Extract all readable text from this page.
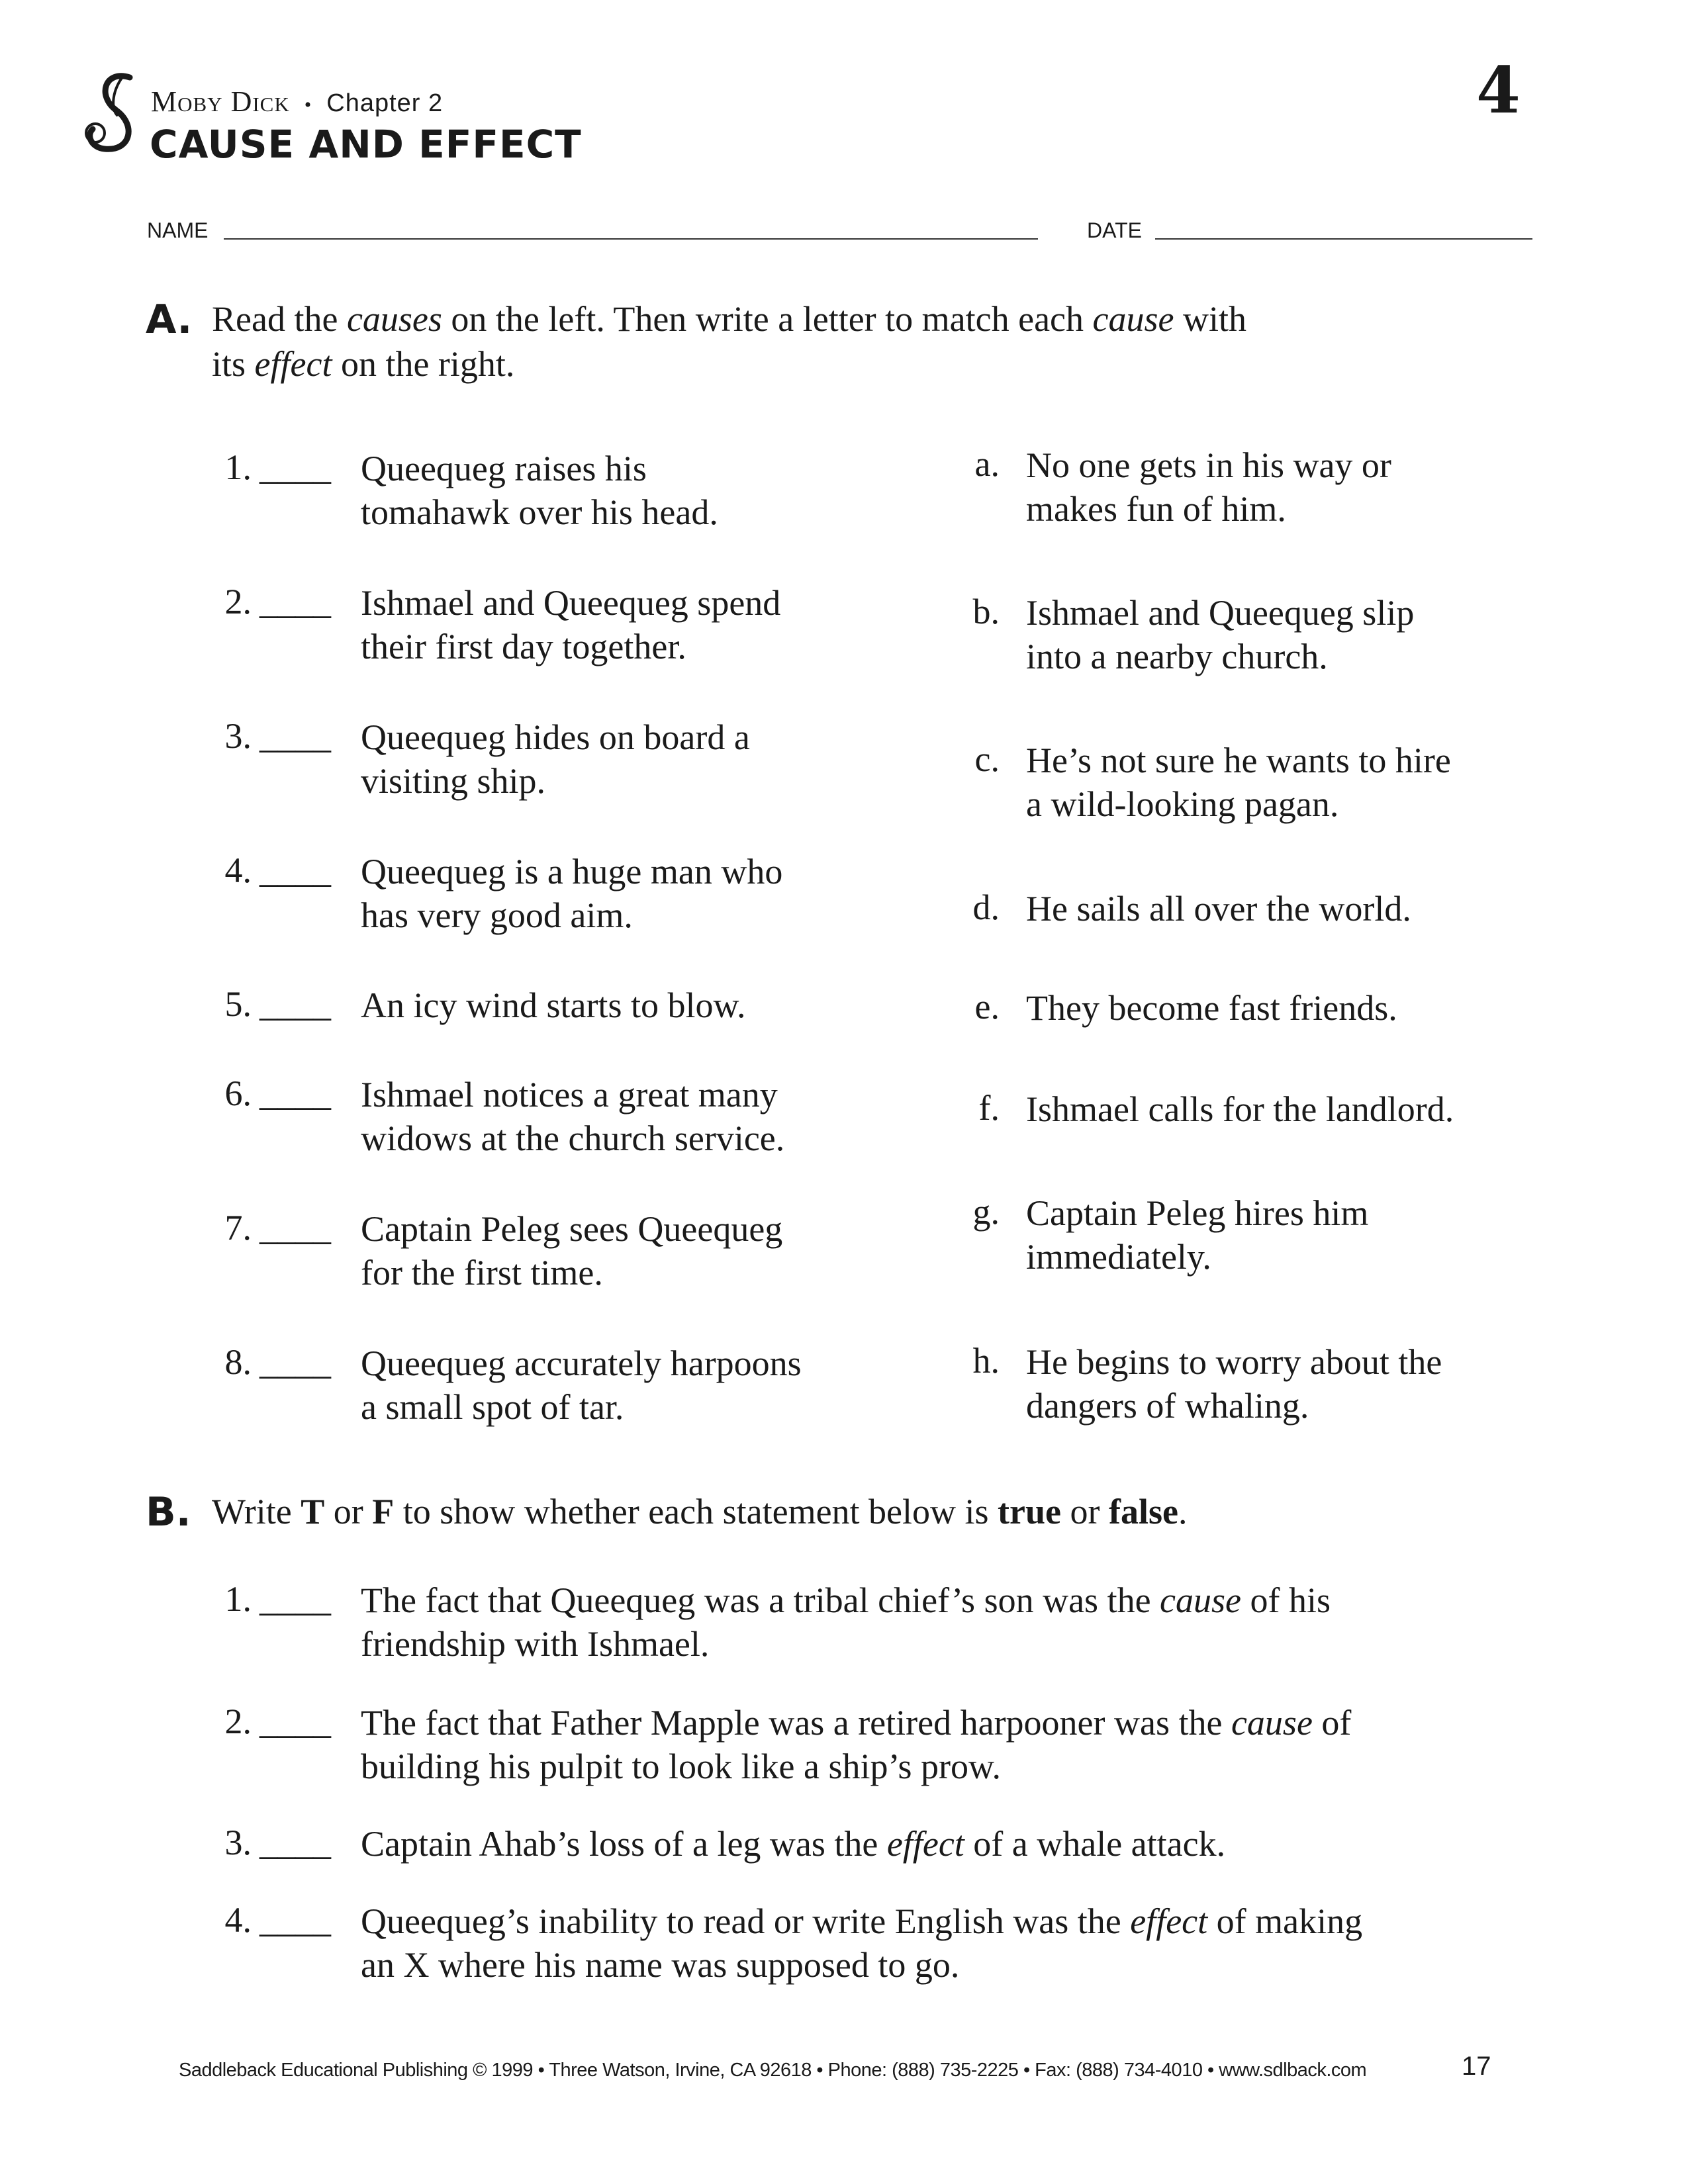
Moby Dick • Chapter 2
CAUSE AND EFFECT
4
NAME	DATE
A. Read the causes on the left. Then write a letter to match each cause with
its effect on the right.
1. ____ Queequeg raises his
tomahawk over his head.
2. ____ Ishmael and Queequeg spend
their first day together.
3. ____ Queequeg hides on board a
visiting ship.
4. ____ Queequeg is a huge man who
has very good aim.
5. ____ An icy wind starts to blow.
6. ____ Ishmael notices a great many
widows at the church service.
7. ____ Captain Peleg sees Queequeg
for the first time.
8. ____ Queequeg accurately harpoons
a small spot of tar.
a. No one gets in his way or
makes fun of him.
b. Ishmael and Queequeg slip
into a nearby church.
c. He’s not sure he wants to hire
a wild-looking pagan.
d. He sails all over the world.
e. They become fast friends.
f. Ishmael calls for the landlord.
g. Captain Peleg hires him
immediately.
h. He begins to worry about the
dangers of whaling.
B. Write T or F to show whether each statement below is true or false.
1. ____ The fact that Queequeg was a tribal chief’s son was the cause of his
friendship with Ishmael.
2. ____ The fact that Father Mapple was a retired harpooner was the cause of
building his pulpit to look like a ship’s prow.
3. ____ Captain Ahab’s loss of a leg was the effect of a whale attack.
4. ____ Queequeg’s inability to read or write English was the effect of making
an X where his name was supposed to go.
Saddleback Educational Publishing © 1999 • Three Watson, Irvine, CA 92618 • Phone: (888) 735-2225 • Fax: (888) 734-4010 • www.sdlback.com	17
